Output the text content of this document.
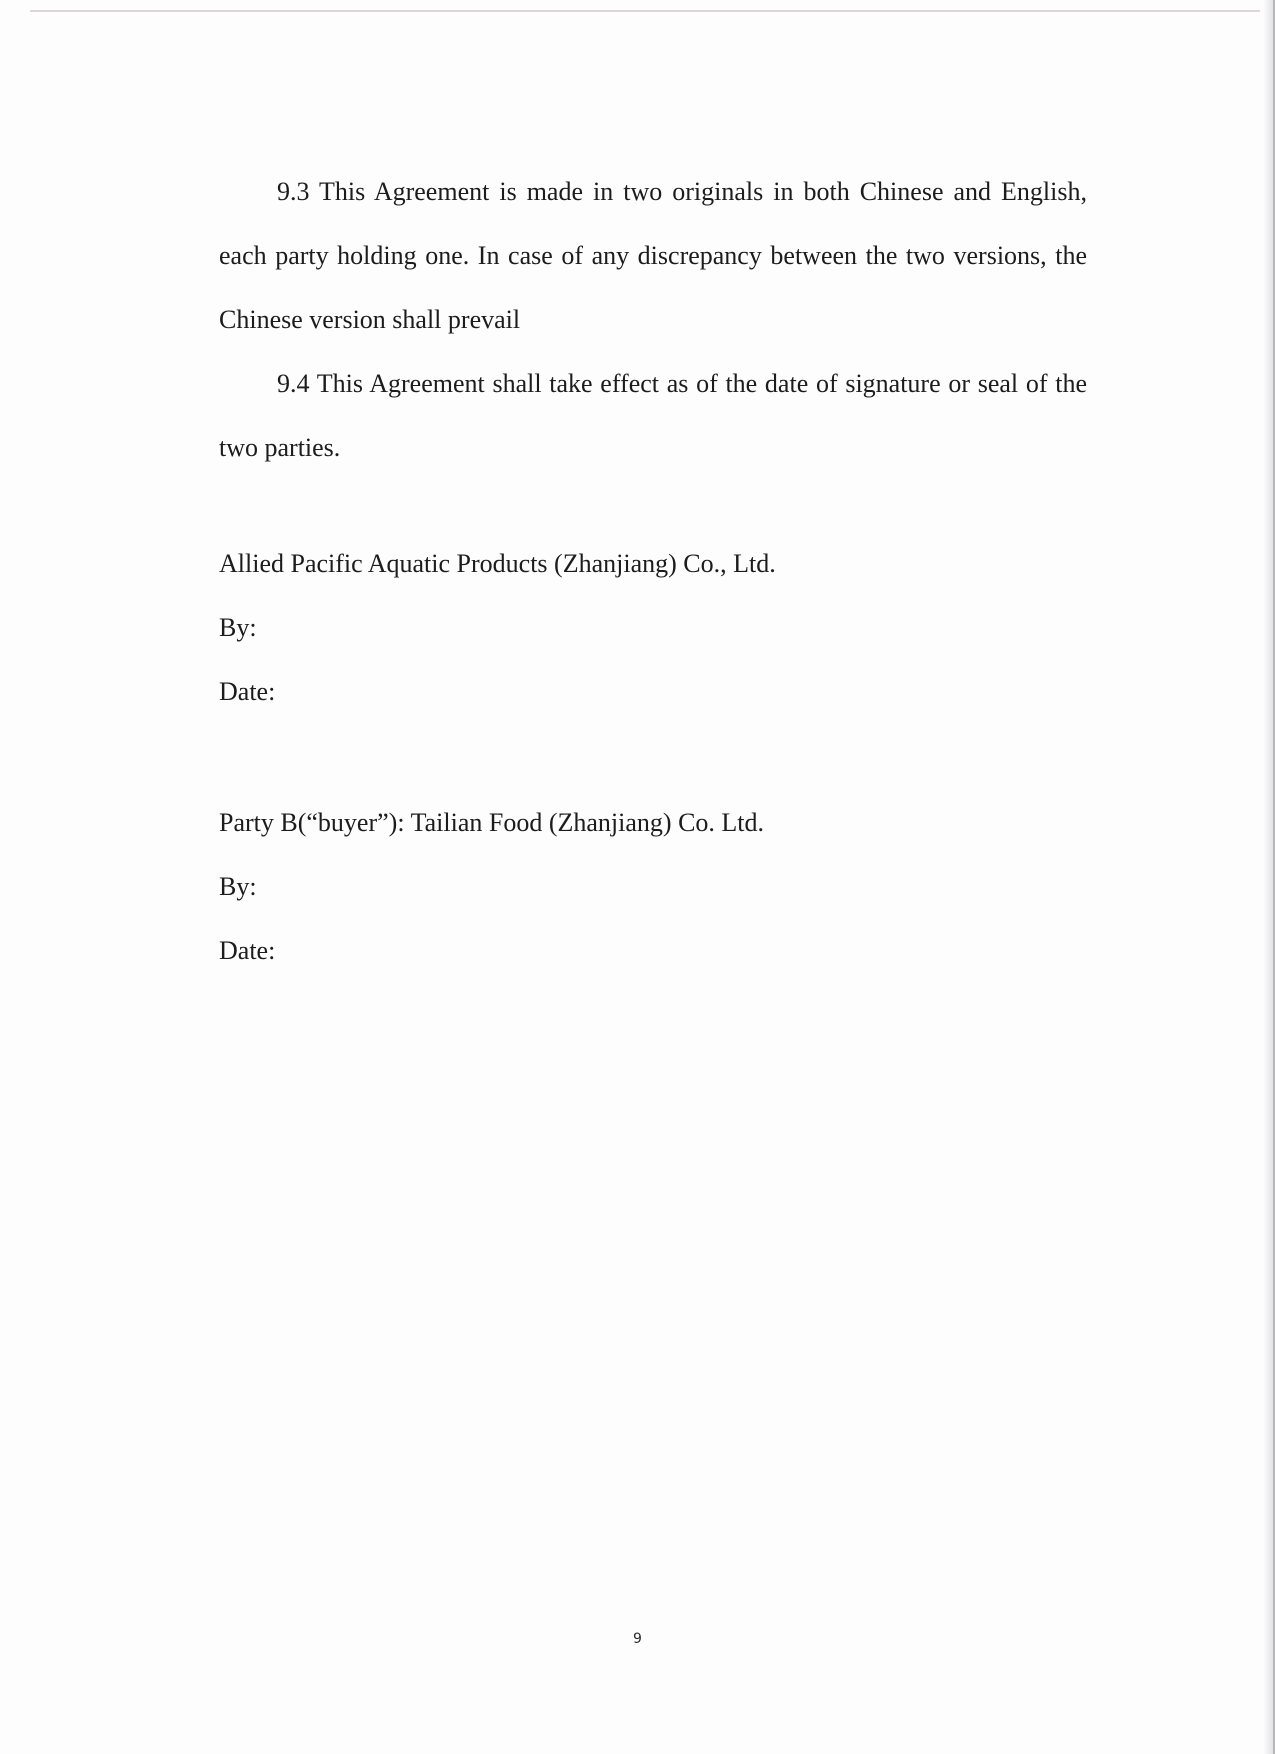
9.3 This Agreement is made in two originals in both Chinese and English, each party holding one. In case of any discrepancy between the two versions, the Chinese version shall prevail

9.4 This Agreement shall take effect as of the date of signature or seal of the two parties.

Allied Pacific Aquatic Products (Zhanjiang) Co., Ltd.

By:

Date:

Party B(“buyer”): Tailian Food (Zhanjiang) Co. Ltd.

By:

Date:

9
